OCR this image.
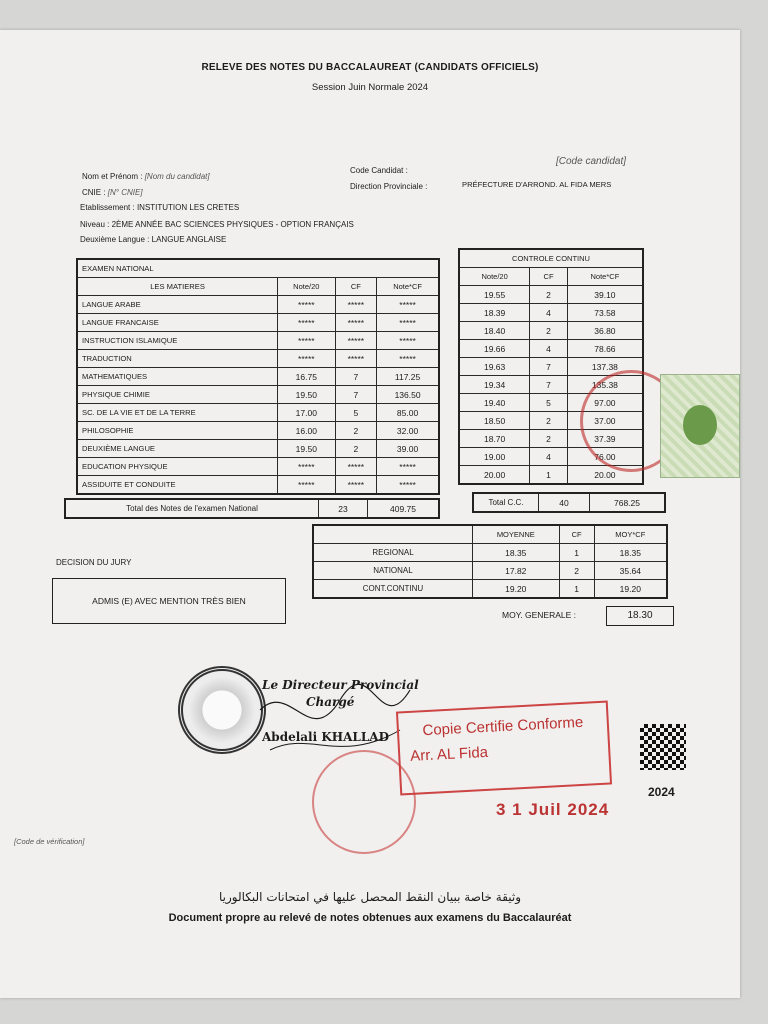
RELEVE DES NOTES DU BACCALAUREAT (CANDIDATS OFFICIELS)
Session Juin Normale 2024
Nom et Prénom : [Nom du candidat]
CNIE : [N° CNIE]
Etablissement : INSTITUTION LES CRETES
Niveau : 2ÈME ANNÉE BAC SCIENCES PHYSIQUES - OPTION FRANÇAIS
Deuxième Langue : LANGUE ANGLAISE
Code Candidat :
[Code candidat]
Direction Provinciale :	PRÉFECTURE D'ARROND. AL FIDA MERS
EXAMEN NATIONAL			
LES MATIERES	Note/20	CF	Note*CF
LANGUE ARABE	*****	*****	*****
LANGUE FRANCAISE	*****	*****	*****
INSTRUCTION ISLAMIQUE	*****	*****	*****
TRADUCTION	*****	*****	*****
MATHEMATIQUES	16.75	7	117.25
PHYSIQUE CHIMIE	19.50	7	136.50
SC. DE LA VIE ET DE LA TERRE	17.00	5	85.00
PHILOSOPHIE	16.00	2	32.00
DEUXIÈME LANGUE	19.50	2	39.00
EDUCATION PHYSIQUE	*****	*****	*****
ASSIDUITE ET CONDUITE	*****	*****	*****
Total des Notes de l'examen National	23	409.75
CONTROLE CONTINU		
Note/20	CF	Note*CF
19.55	2	39.10
18.39	4	73.58
18.40	2	36.80
19.66	4	78.66
19.63	7	137.38
19.34	7	135.38
19.40	5	97.00
18.50	2	37.00
18.70	2	37.39
19.00	4	76.00
20.00	1	20.00
Total C.C.	40	768.25
	MOYENNE	CF	MOY*CF
REGIONAL	18.35	1	18.35
NATIONAL	17.82	2	35.64
CONT.CONTINU	19.20	1	19.20
MOY. GENERALE :	18.30
DECISION DU JURY
ADMIS (E) AVEC MENTION TRÈS BIEN
Le Directeur Provincial
Chargé
Abdelali KHALLAD	Copie Certifie Conforme
Arr. AL Fida
3 1 Juil 2024
2024
[Code de vérification]
وثيقة خاصة ببيان النقط المحصل عليها في امتحانات البكالوريا
Document propre au relevé de notes obtenues aux examens du Baccalauréat
